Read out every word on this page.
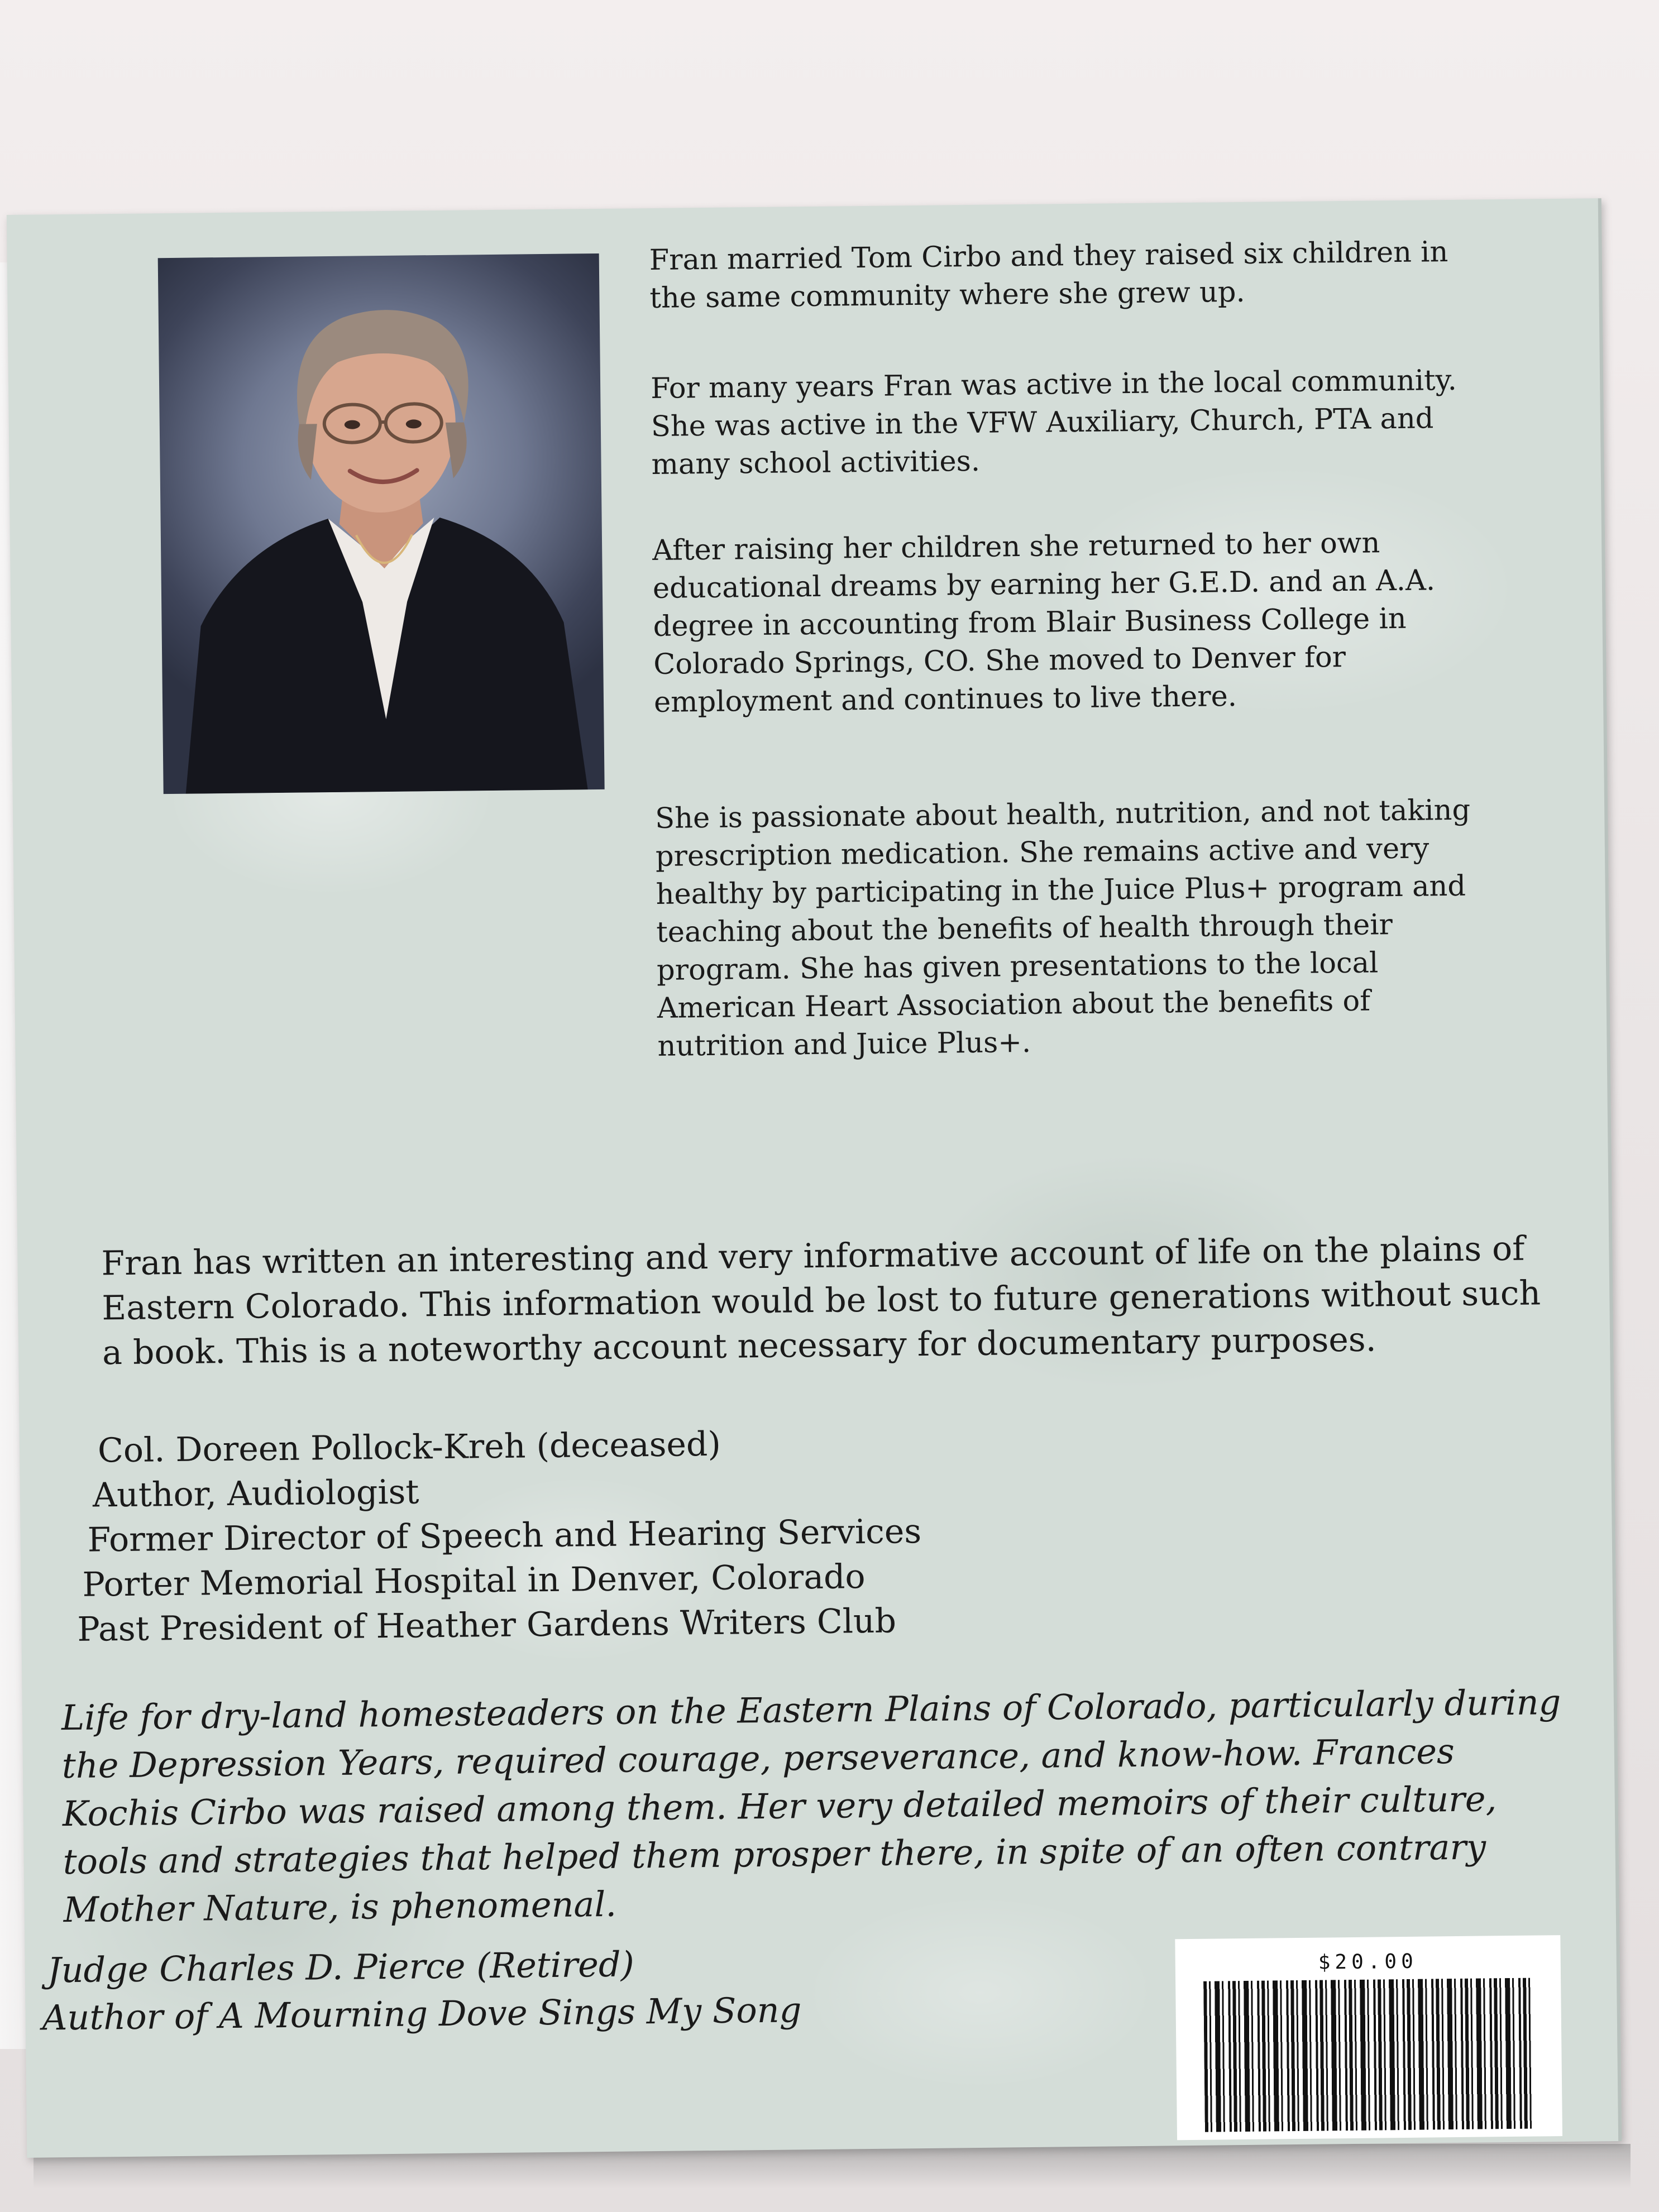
Fran married Tom Cirbo and they raised six children in the same community where she grew up.

For many years Fran was active in the local community. She was active in the VFW Auxiliary, Church, PTA and many school activities.

After raising her children she returned to her own educational dreams by earning her G.E.D. and an A.A. degree in accounting from Blair Business College in Colorado Springs, CO. She moved to Denver for employment and continues to live there.

She is passionate about health, nutrition, and not taking prescription medication. She remains active and very healthy by participating in the Juice Plus+ program and teaching about the benefits of health through their program. She has given presentations to the local American Heart Association about the benefits of nutrition and Juice Plus+.

Fran has written an interesting and very informative account of life on the plains of Eastern Colorado. This information would be lost to future generations without such a book. This is a noteworthy account necessary for documentary purposes.

Col. Doreen Pollock-Kreh (deceased)

Author, Audiologist

Former Director of Speech and Hearing Services

Porter Memorial Hospital in Denver, Colorado

Past President of Heather Gardens Writers Club

Life for dry-land homesteaders on the Eastern Plains of Colorado, particularly during the Depression Years, required courage, perseverance, and know-how. Frances Kochis Cirbo was raised among them. Her very detailed memoirs of their culture, tools and strategies that helped them prosper there, in spite of an often contrary Mother Nature, is phenomenal.

Judge Charles D. Pierce (Retired)

Author of A Mourning Dove Sings My Song

$20.00
